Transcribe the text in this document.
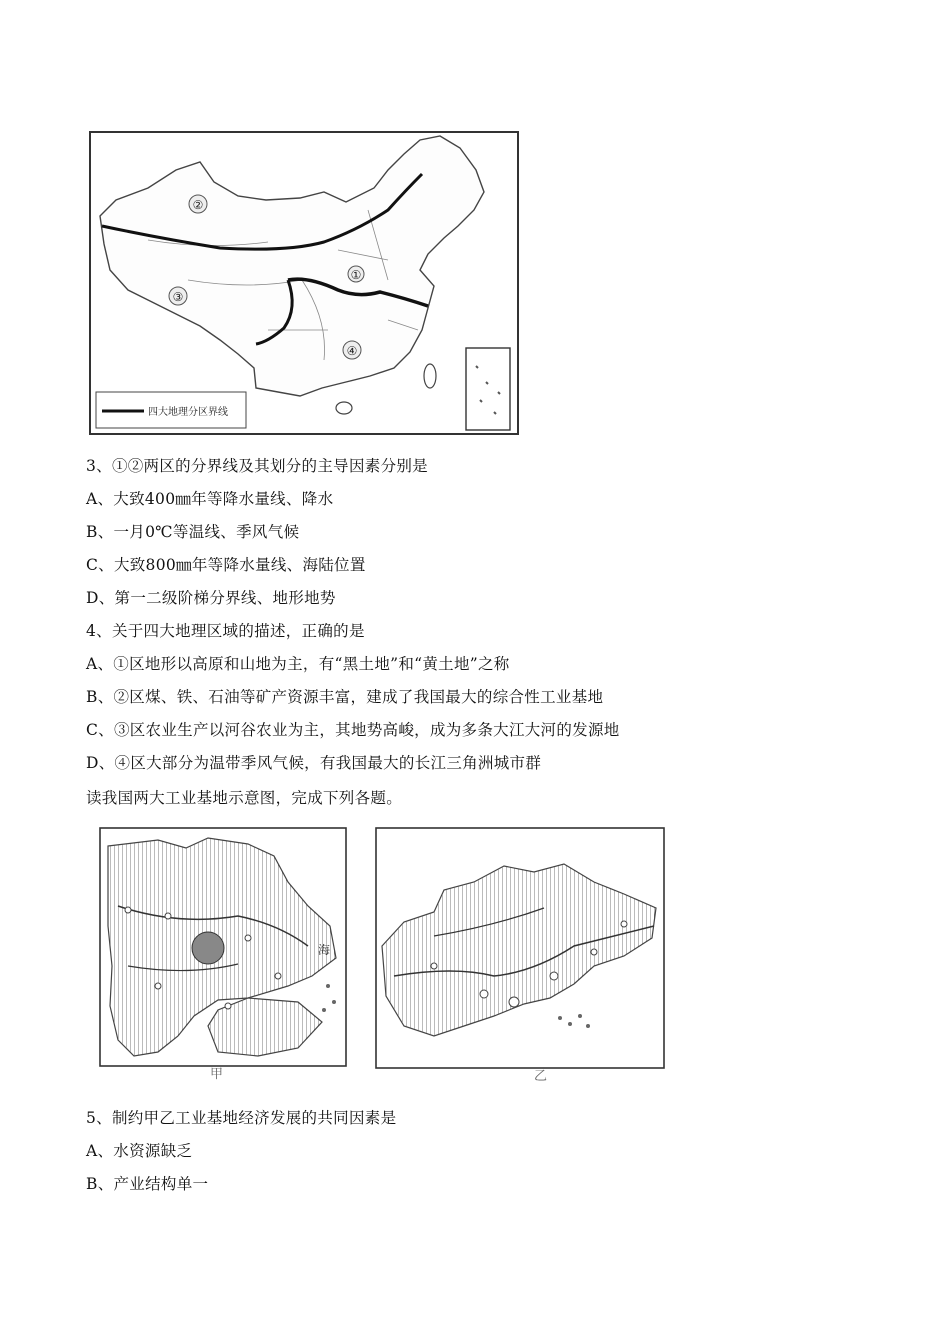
四大地理分区界线
①
②
③
④
3、①②两区的分界线及其划分的主导因素分别是
A、大致400㎜年等降水量线、降水
B、一月0℃等温线、季风气候
C、大致800㎜年等降水量线、海陆位置
D、第一二级阶梯分界线、地形地势
4、关于四大地理区域的描述，正确的是
A、①区地形以高原和山地为主，有“黑土地”和“黄土地”之称
B、②区煤、铁、石油等矿产资源丰富，建成了我国最大的综合性工业基地
C、③区农业生产以河谷农业为主，其地势高峻，成为多条大江大河的发源地
D、④区大部分为温带季风气候，有我国最大的长江三角洲城市群
读我国两大工业基地示意图，完成下列各题。
海
甲	乙
5、制约甲乙工业基地经济发展的共同因素是
A、水资源缺乏
B、产业结构单一
